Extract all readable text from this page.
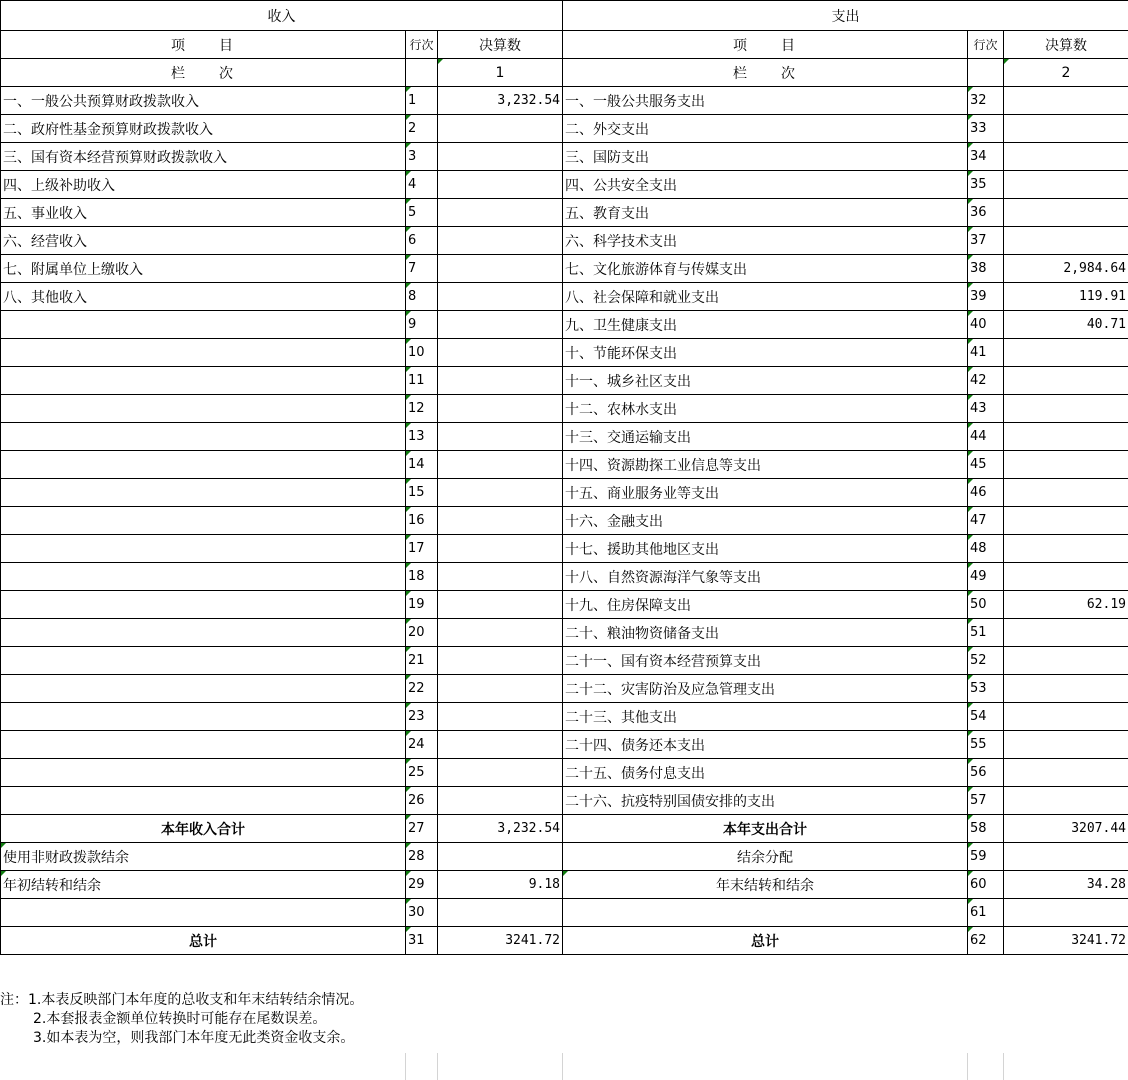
收入			支出		
项　　目	行次	决算数	项　　目	行次	决算数
栏　　次		1	栏　　次		2
一、一般公共预算财政拨款收入	1	3,232.54	一、一般公共服务支出	32	
二、政府性基金预算财政拨款收入	2		二、外交支出	33	
三、国有资本经营预算财政拨款收入	3		三、国防支出	34	
四、上级补助收入	4		四、公共安全支出	35	
五、事业收入	5		五、教育支出	36	
六、经营收入	6		六、科学技术支出	37	
七、附属单位上缴收入	7		七、文化旅游体育与传媒支出	38	2,984.64
八、其他收入	8		八、社会保障和就业支出	39	119.91
	9		九、卫生健康支出	40	40.71
	10		十、节能环保支出	41	
	11		十一、城乡社区支出	42	
	12		十二、农林水支出	43	
	13		十三、交通运输支出	44	
	14		十四、资源勘探工业信息等支出	45	
	15		十五、商业服务业等支出	46	
	16		十六、金融支出	47	
	17		十七、援助其他地区支出	48	
	18		十八、自然资源海洋气象等支出	49	
	19		十九、住房保障支出	50	62.19
	20		二十、粮油物资储备支出	51	
	21		二十一、国有资本经营预算支出	52	
	22		二十二、灾害防治及应急管理支出	53	
	23		二十三、其他支出	54	
	24		二十四、债务还本支出	55	
	25		二十五、债务付息支出	56	
	26		二十六、抗疫特别国债安排的支出	57	
本年收入合计	27	3,232.54	本年支出合计	58	3207.44
使用非财政拨款结余	28		结余分配	59	
年初结转和结余	29	9.18	年末结转和结余	60	34.28
	30			61	
总计	31	3241.72	总计	62	3241.72
注：1.本表反映部门本年度的总收支和年末结转结余情况。
2.本套报表金额单位转换时可能存在尾数误差。
3.如本表为空，则我部门本年度无此类资金收支余。
